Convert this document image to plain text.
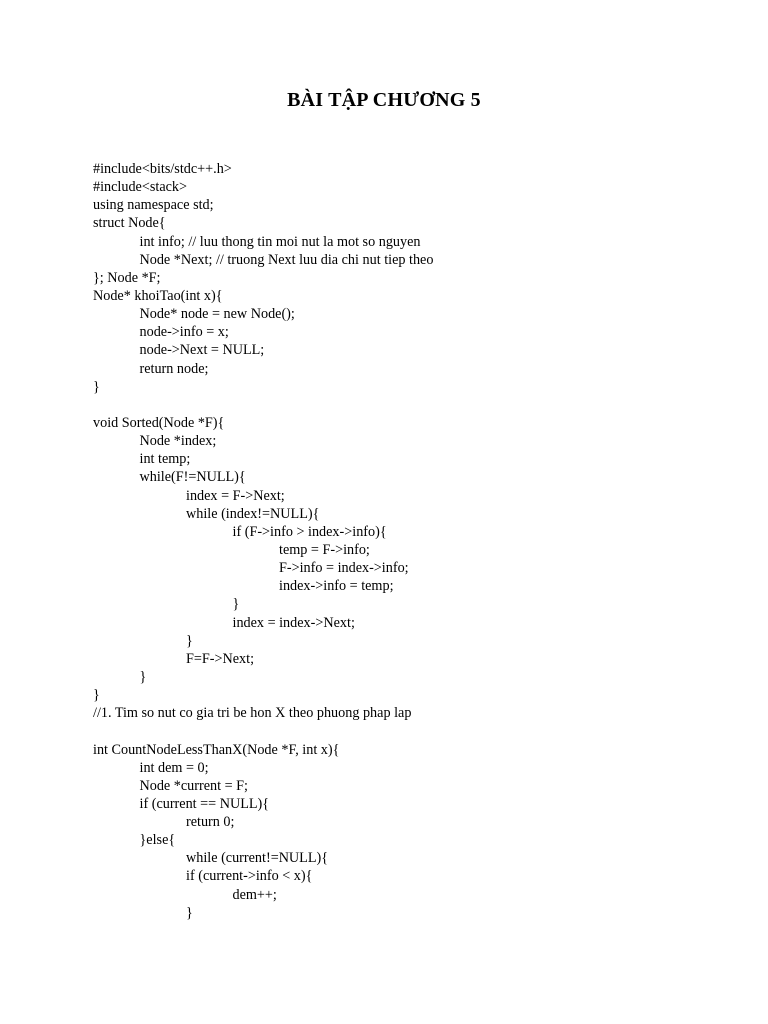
BÀI TẬP CHƯƠNG 5
#include<bits/stdc++.h>
#include<stack>
using namespace std;
struct Node{
int info; // luu thong tin moi nut la mot so nguyen
Node *Next; // truong Next luu dia chi nut tiep theo
}; Node *F;
Node* khoiTao(int x){
Node* node = new Node();
node->info = x;
node->Next = NULL;
return node;
}
void Sorted(Node *F){
Node *index;
int temp;
while(F!=NULL){
index = F->Next;
while (index!=NULL){
if (F->info > index->info){
temp = F->info;
F->info = index->info;
index->info = temp;
}
index = index->Next;
}
F=F->Next;
}
}
//1. Tim so nut co gia tri be hon X theo phuong phap lap
int CountNodeLessThanX(Node *F, int x){
int dem = 0;
Node *current = F;
if (current == NULL){
return 0;
}else{
while (current!=NULL){
if (current->info < x){
dem++;
}
